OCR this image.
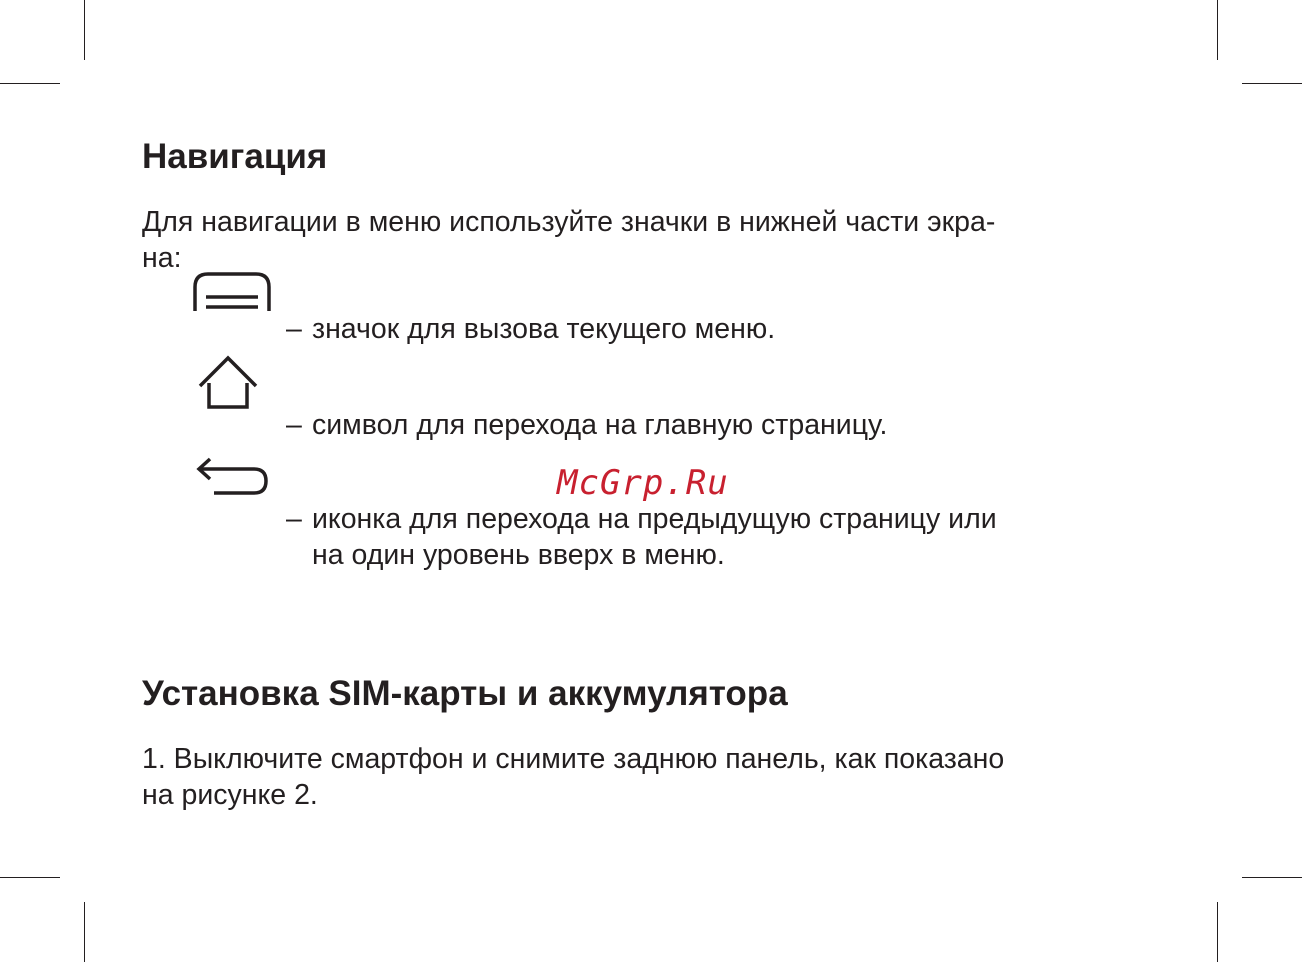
Навигация

Для навигации в меню используйте значки в нижней части экра-
на:

– значок для вызова текущего меню.

– символ для перехода на главную страницу.

– иконка для перехода на предыдущую страницу или
на один уровень вверх в меню.

McGrp.Ru

Установка SIM-карты и аккумулятора

1. Выключите смартфон и снимите заднюю панель, как показано
на рисунке 2.
